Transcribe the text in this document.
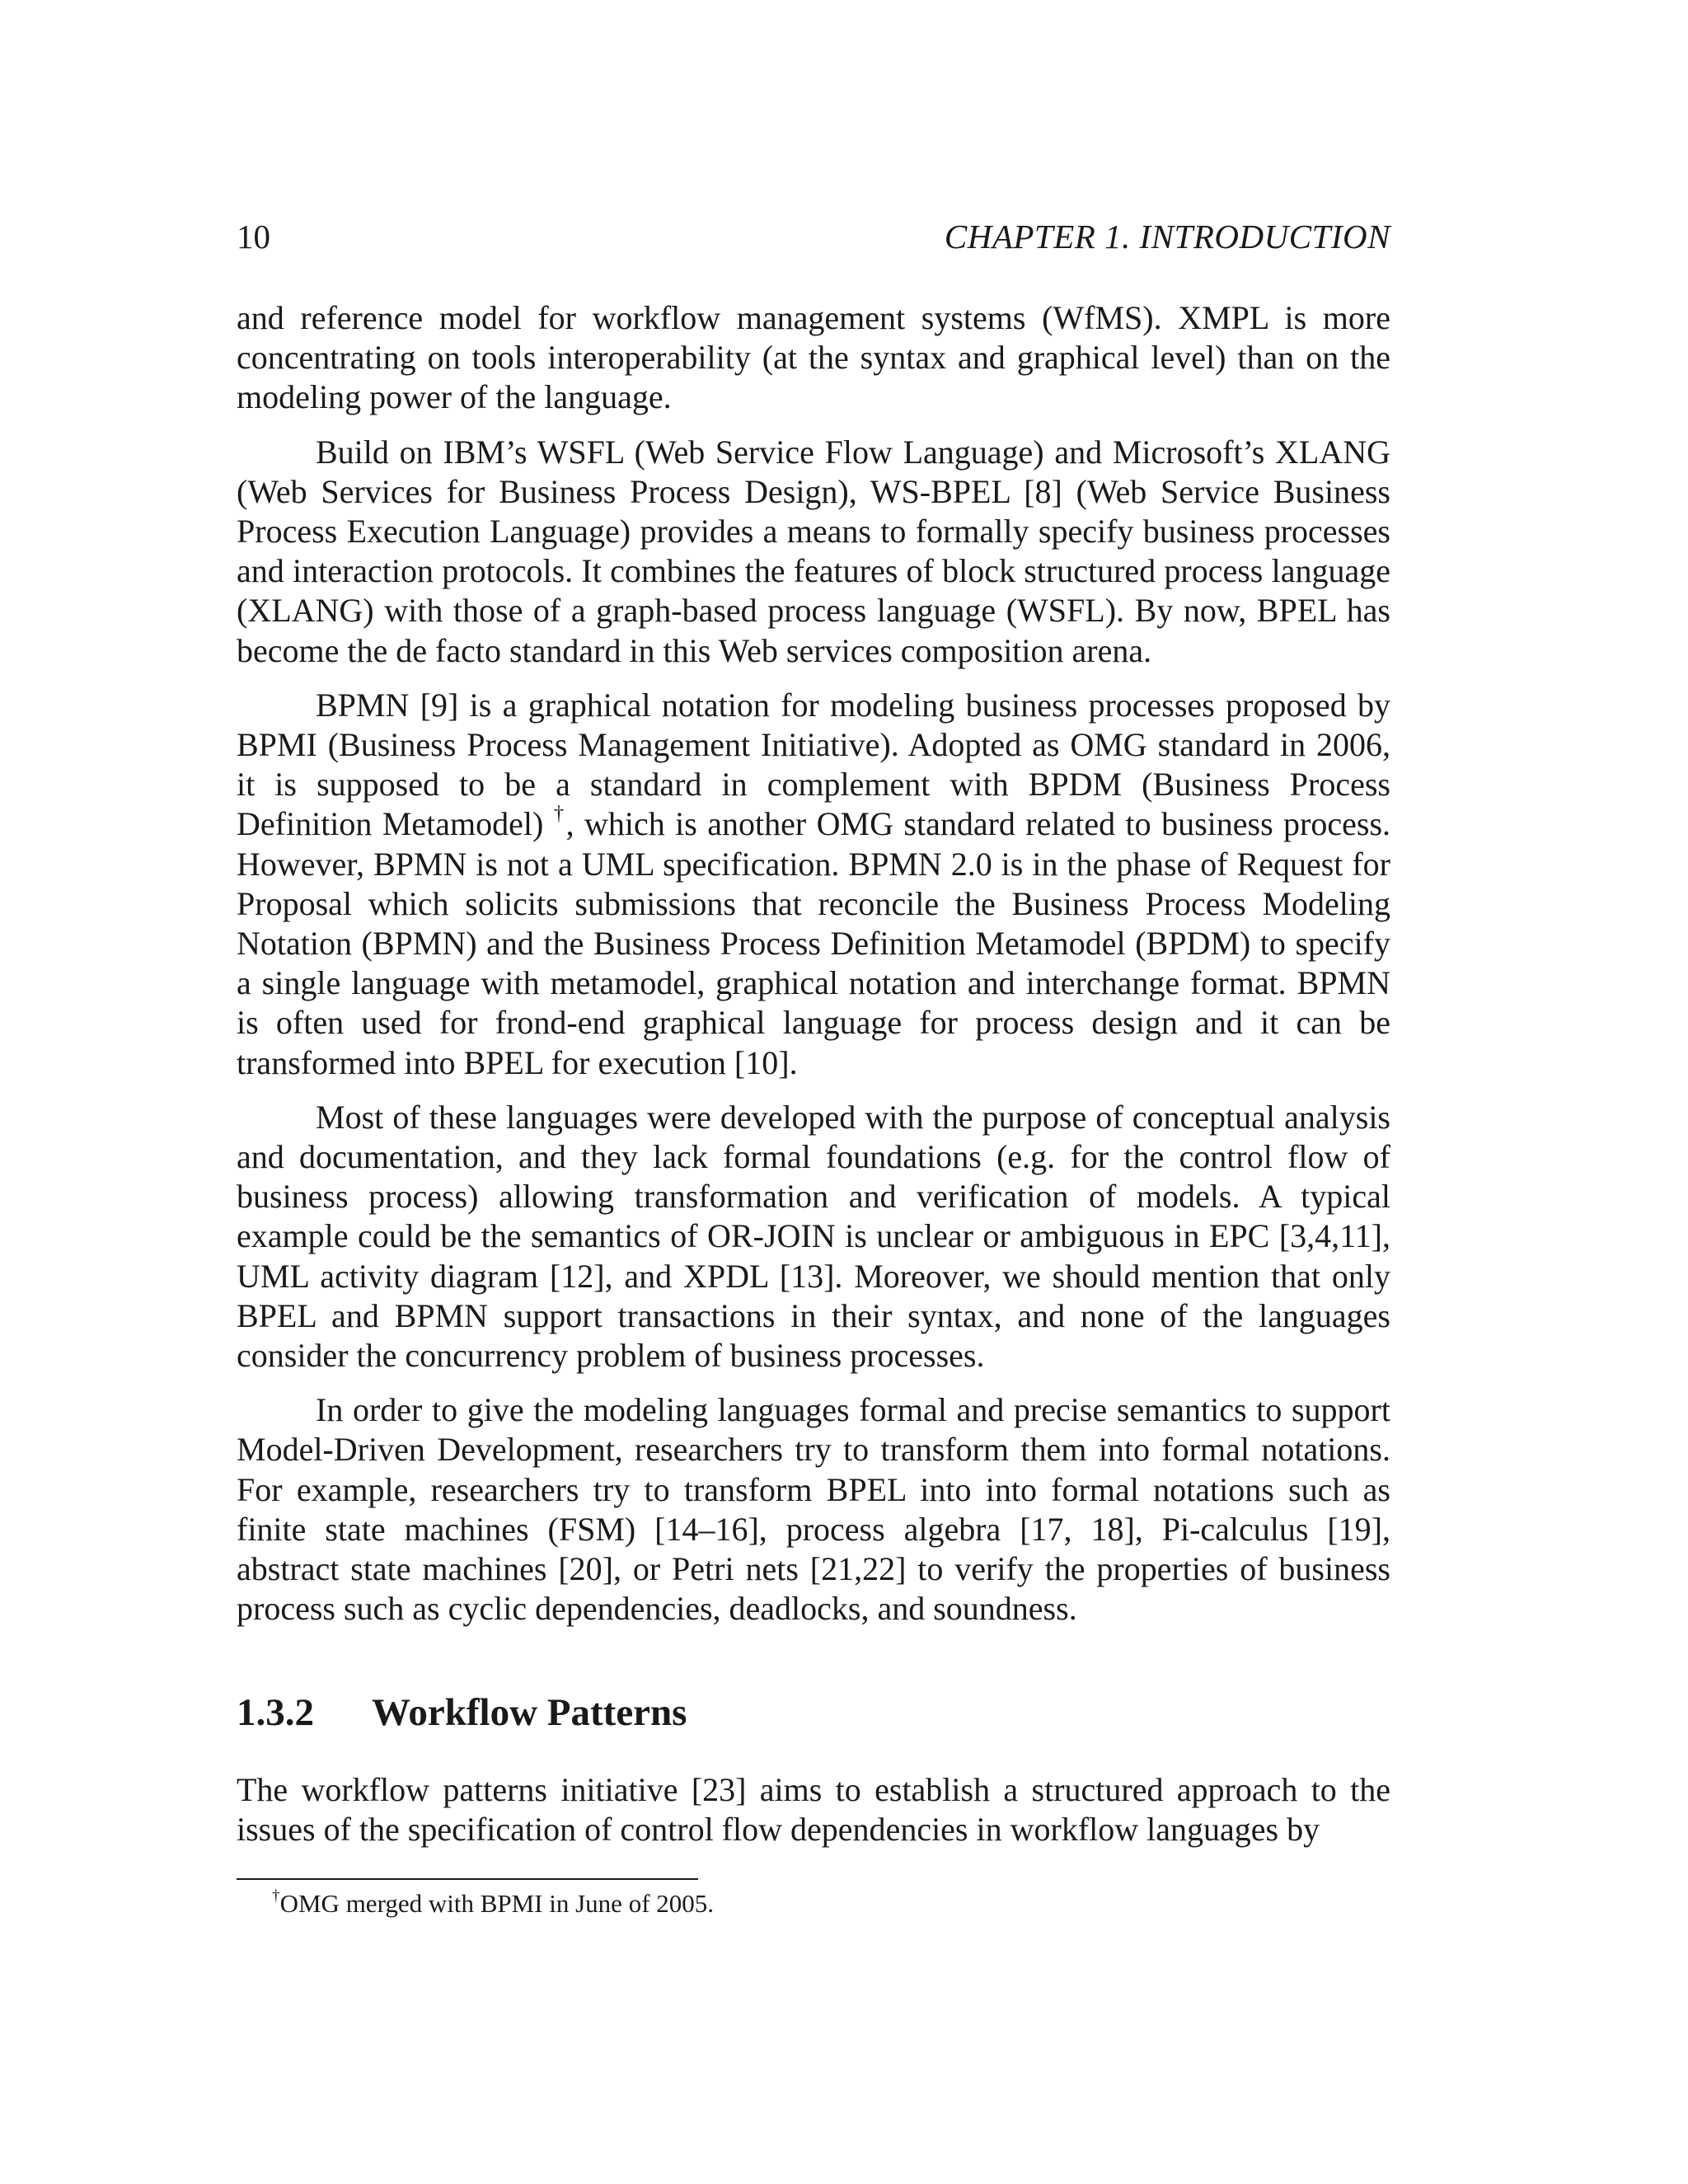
10	CHAPTER 1. INTRODUCTION

and reference model for workflow management systems (WfMS). XMPL is more concentrating on tools interoperability (at the syntax and graphical level) than on the modeling power of the language.

Build on IBM’s WSFL (Web Service Flow Language) and Microsoft’s XLANG (Web Services for Business Process Design), WS-BPEL [8] (Web Service Business Process Execution Language) provides a means to formally specify business processes and interaction protocols. It combines the features of block structured process language (XLANG) with those of a graph-based process language (WSFL). By now, BPEL has become the de facto standard in this Web services composition arena.

BPMN [9] is a graphical notation for modeling business processes proposed by BPMI (Business Process Management Initiative). Adopted as OMG standard in 2006, it is supposed to be a standard in complement with BPDM (Business Process Definition Metamodel) †, which is another OMG standard related to business process. However, BPMN is not a UML specification. BPMN 2.0 is in the phase of Request for Proposal which solicits submissions that reconcile the Business Process Modeling Notation (BPMN) and the Business Process Definition Metamodel (BPDM) to specify a single language with metamodel, graphical notation and interchange format. BPMN is often used for frond-end graphical language for process design and it can be transformed into BPEL for execution [10].

Most of these languages were developed with the purpose of conceptual analysis and documentation, and they lack formal foundations (e.g. for the control flow of business process) allowing transformation and verification of models. A typical example could be the semantics of OR-JOIN is unclear or ambiguous in EPC [3,4,11], UML activity diagram [12], and XPDL [13]. Moreover, we should mention that only BPEL and BPMN support transactions in their syntax, and none of the languages consider the concurrency problem of business processes.

In order to give the modeling languages formal and precise semantics to support Model-Driven Development, researchers try to transform them into formal notations. For example, researchers try to transform BPEL into into formal notations such as finite state machines (FSM) [14–16], process algebra [17, 18], Pi-calculus [19], abstract state machines [20], or Petri nets [21,22] to verify the properties of business process such as cyclic dependencies, deadlocks, and soundness.

1.3.2 Workflow Patterns

The workflow patterns initiative [23] aims to establish a structured approach to the issues of the specification of control flow dependencies in workflow languages by

†OMG merged with BPMI in June of 2005.
